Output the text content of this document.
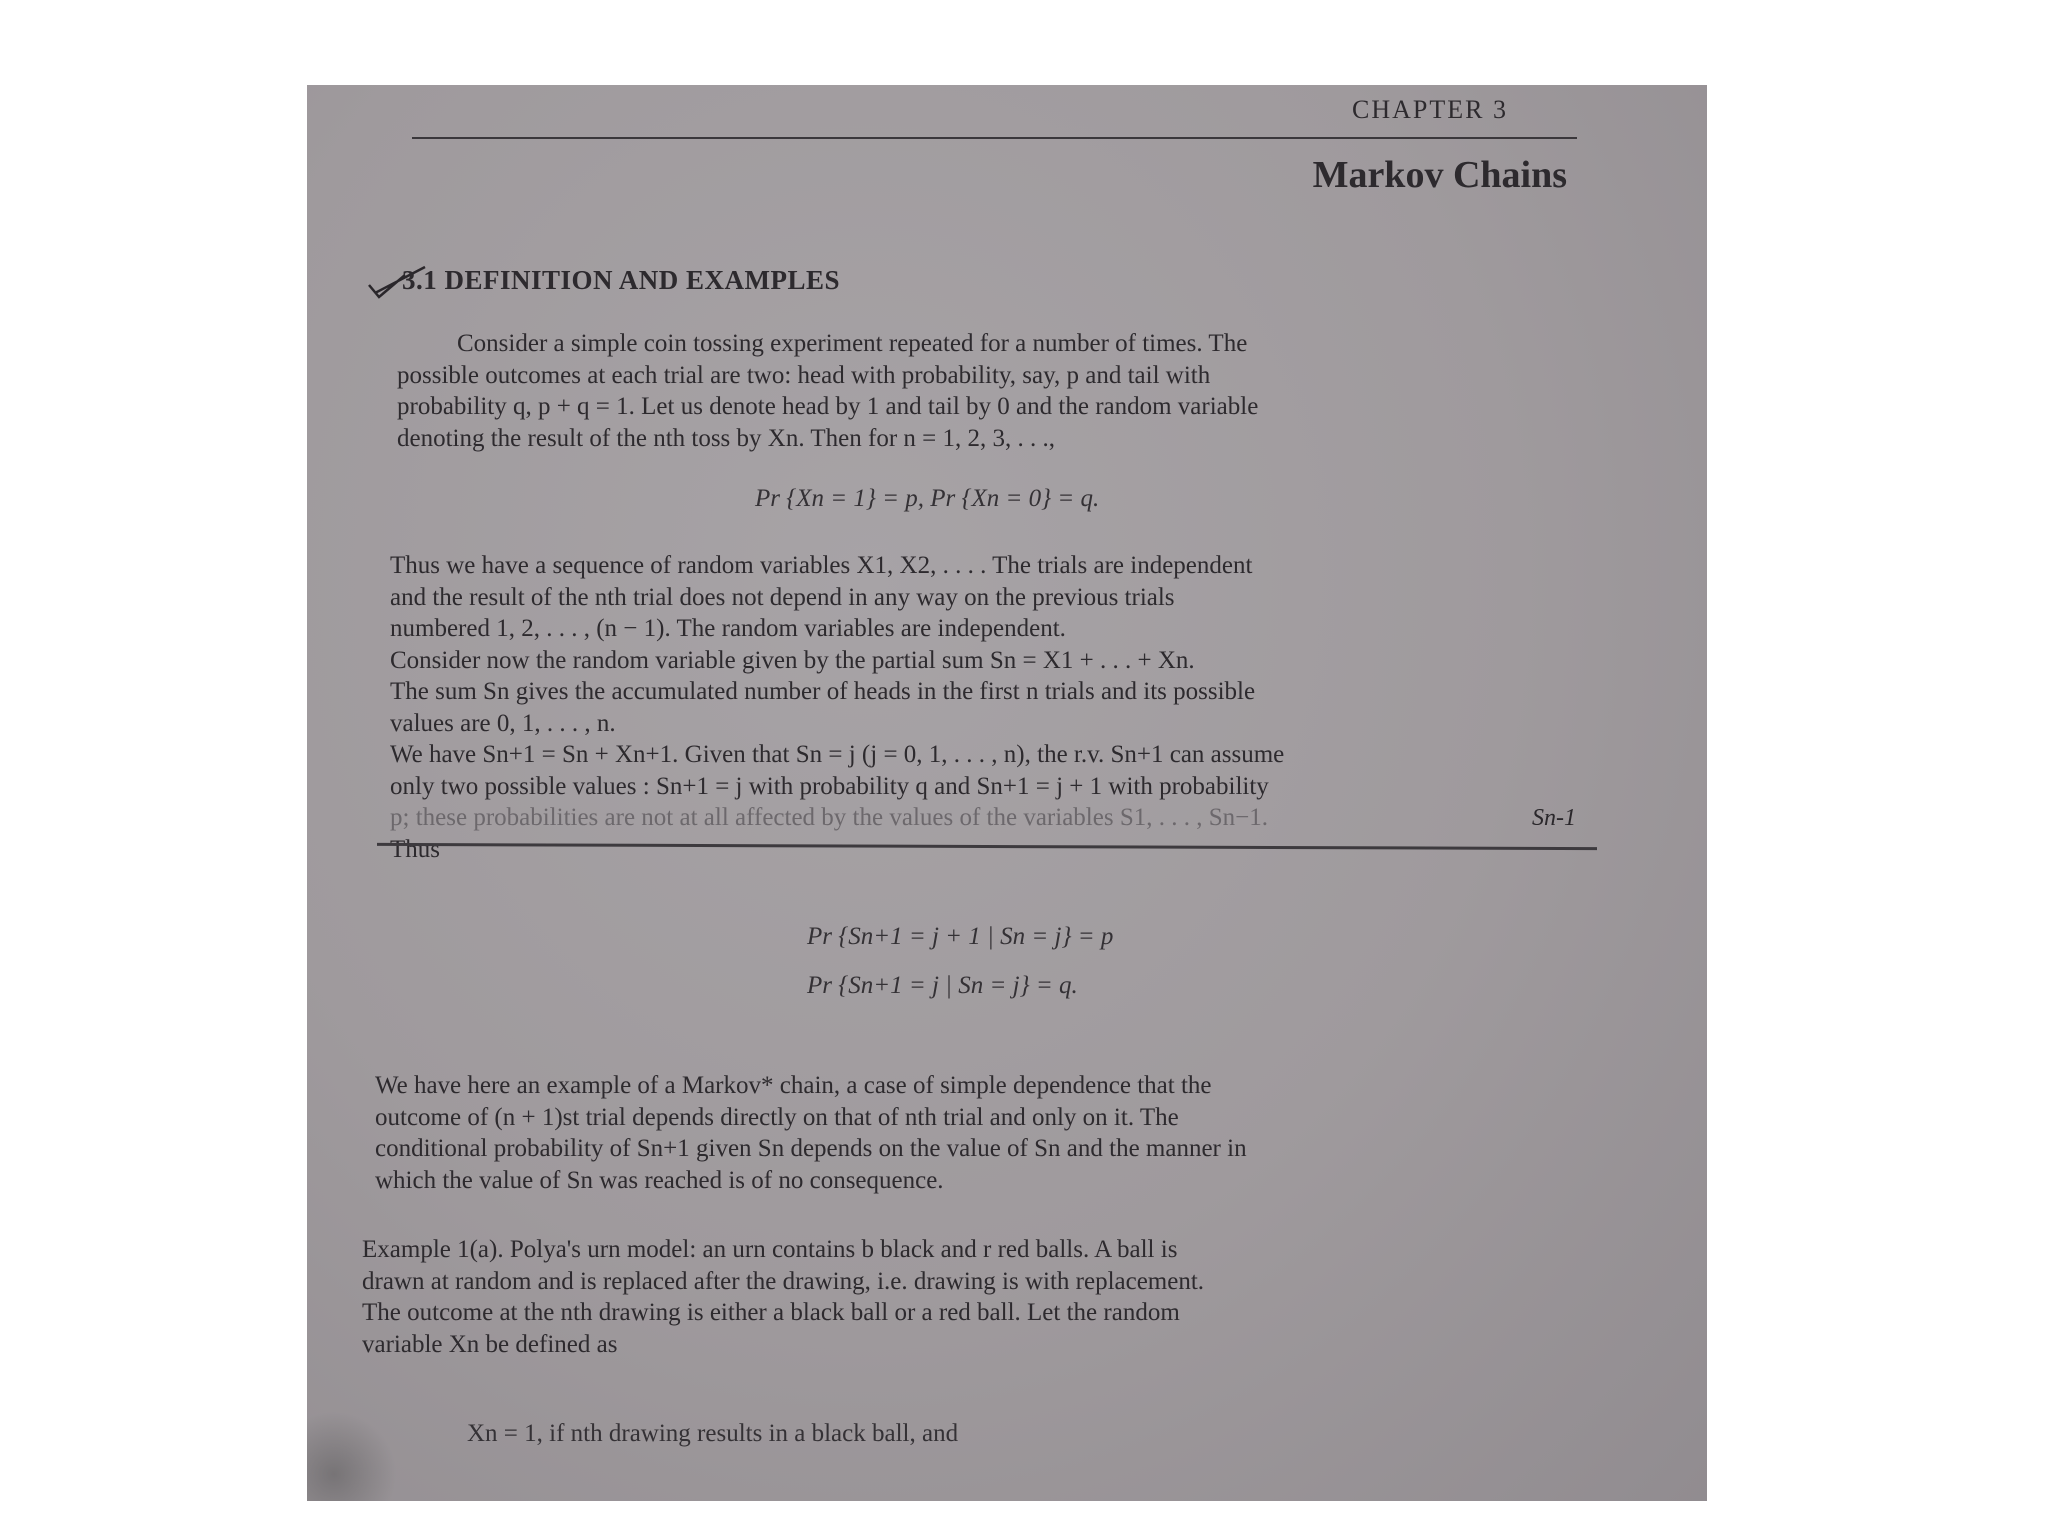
CHAPTER 3
Markov Chains
3.1 DEFINITION AND EXAMPLES
Consider a simple coin tossing experiment repeated for a number of times. The
possible outcomes at each trial are two: head with probability, say, p and tail with
probability q, p + q = 1. Let us denote head by 1 and tail by 0 and the random variable
denoting the result of the nth toss by Xn. Then for n = 1, 2, 3, . . .,
Pr {Xn = 1} = p, Pr {Xn = 0} = q.
Thus we have a sequence of random variables X1, X2, . . . . The trials are independent
and the result of the nth trial does not depend in any way on the previous trials
numbered 1, 2, . . . , (n − 1). The random variables are independent.
Consider now the random variable given by the partial sum Sn = X1 + . . . + Xn.
The sum Sn gives the accumulated number of heads in the first n trials and its possible
values are 0, 1, . . . , n.
We have Sn+1 = Sn + Xn+1. Given that Sn = j (j = 0, 1, . . . , n), the r.v. Sn+1 can assume
only two possible values : Sn+1 = j with probability q and Sn+1 = j + 1 with probability
p; these probabilities are not at all affected by the values of the variables S1, . . . , Sn−1.
Thus
Sn-1
Pr {Sn+1 = j + 1 | Sn = j} = p
Pr {Sn+1 = j | Sn = j} = q.
We have here an example of a Markov* chain, a case of simple dependence that the
outcome of (n + 1)st trial depends directly on that of nth trial and only on it. The
conditional probability of Sn+1 given Sn depends on the value of Sn and the manner in
which the value of Sn was reached is of no consequence.
Example 1(a). Polya's urn model: an urn contains b black and r red balls. A ball is
drawn at random and is replaced after the drawing, i.e. drawing is with replacement.
The outcome at the nth drawing is either a black ball or a red ball. Let the random
variable Xn be defined as
Xn = 1, if nth drawing results in a black ball, and
